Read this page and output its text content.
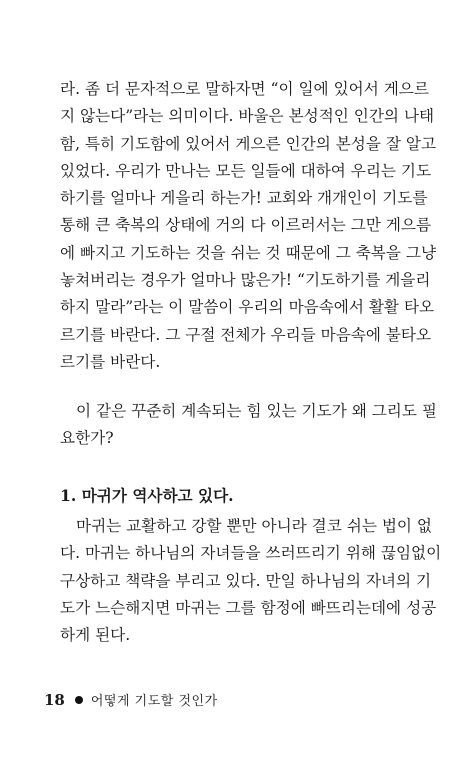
라. 좀 더 문자적으로 말하자면 “이 일에 있어서 게으르
지 않는다”라는 의미이다. 바울은 본성적인 인간의 나태
함, 특히 기도함에 있어서 게으른 인간의 본성을 잘 알고
있었다. 우리가 만나는 모든 일들에 대하여 우리는 기도
하기를 얼마나 게을리 하는가! 교회와 개개인이 기도를
통해 큰 축복의 상태에 거의 다 이르러서는 그만 게으름
에 빠지고 기도하는 것을 쉬는 것 때문에 그 축복을 그냥
놓쳐버리는 경우가 얼마나 많은가! “기도하기를 게을리
하지 말라”라는 이 말씀이 우리의 마음속에서 활활 타오
르기를 바란다. 그 구절 전체가 우리들 마음속에 불타오
르기를 바란다.
이 같은 꾸준히 계속되는 힘 있는 기도가 왜 그리도 필
요한가?
1. 마귀가 역사하고 있다.
마귀는 교활하고 강할 뿐만 아니라 결코 쉬는 법이 없
다. 마귀는 하나님의 자녀들을 쓰러뜨리기 위해 끊임없이
구상하고 책략을 부리고 있다. 만일 하나님의 자녀의 기
도가 느슨해지면 마귀는 그를 함정에 빠뜨리는데에 성공
하게 된다.
18 어떻게 기도할 것인가
